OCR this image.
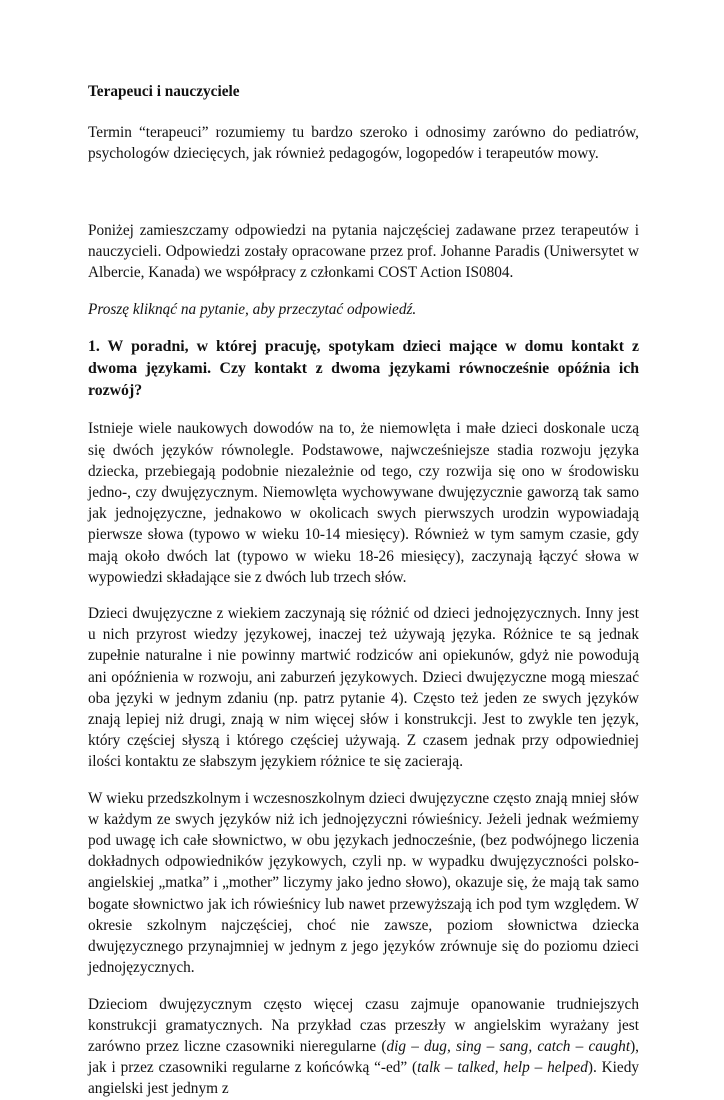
Terapeuci i nauczyciele

Termin “terapeuci” rozumiemy tu bardzo szeroko i odnosimy zarówno do pediatrów, psychologów dziecięcych, jak również pedagogów, logopedów i terapeutów mowy.

Poniżej zamieszczamy odpowiedzi na pytania najczęściej zadawane przez terapeutów i nauczycieli. Odpowiedzi zostały opracowane przez prof. Johanne Paradis (Uniwersytet w Albercie, Kanada) we współpracy z członkami COST Action IS0804.

Proszę kliknąć na pytanie, aby przeczytać odpowiedź.

1. W poradni, w której pracuję, spotykam dzieci mające w domu kontakt z dwoma językami. Czy kontakt z dwoma językami równocześnie opóźnia ich rozwój?

Istnieje wiele naukowych dowodów na to, że niemowlęta i małe dzieci doskonale uczą się dwóch języków równolegle. Podstawowe, najwcześniejsze stadia rozwoju języka dziecka, przebiegają podobnie niezależnie od tego, czy rozwija się ono w środowisku jedno-, czy dwujęzycznym. Niemowlęta wychowywane dwujęzycznie gaworzą tak samo jak jednojęzyczne, jednakowo w okolicach swych pierwszych urodzin wypowiadają pierwsze słowa (typowo w wieku 10-14 miesięcy). Również w tym samym czasie, gdy mają około dwóch lat (typowo w wieku 18-26 miesięcy), zaczynają łączyć słowa w wypowiedzi składające sie z dwóch lub trzech słów.

Dzieci dwujęzyczne z wiekiem zaczynają się różnić od dzieci jednojęzycznych. Inny jest u nich przyrost wiedzy językowej, inaczej też używają języka. Różnice te są jednak zupełnie naturalne i nie powinny martwić rodziców ani opiekunów, gdyż nie powodują ani opóźnienia w rozwoju, ani zaburzeń językowych. Dzieci dwujęzyczne mogą mieszać oba języki w jednym zdaniu (np. patrz pytanie 4). Często też jeden ze swych języków znają lepiej niż drugi, znają w nim więcej słów i konstrukcji. Jest to zwykle ten język, który częściej słyszą i którego częściej używają. Z czasem jednak przy odpowiedniej ilości kontaktu ze słabszym językiem różnice te się zacierają.

W wieku przedszkolnym i wczesnoszkolnym dzieci dwujęzyczne często znają mniej słów w każdym ze swych języków niż ich jednojęzyczni rówieśnicy. Jeżeli jednak weźmiemy pod uwagę ich całe słownictwo, w obu językach jednocześnie, (bez podwójnego liczenia dokładnych odpowiedników językowych, czyli np. w wypadku dwujęzyczności polsko-angielskiej „matka” i „mother” liczymy jako jedno słowo), okazuje się, że mają tak samo bogate słownictwo jak ich rówieśnicy lub nawet przewyższają ich pod tym względem. W okresie szkolnym najczęściej, choć nie zawsze, poziom słownictwa dziecka dwujęzycznego przynajmniej w jednym z jego języków zrównuje się do poziomu dzieci jednojęzycznych.

Dzieciom dwujęzycznym często więcej czasu zajmuje opanowanie trudniejszych konstrukcji gramatycznych. Na przykład czas przeszły w angielskim wyrażany jest zarówno przez liczne czasowniki nieregularne (dig – dug, sing – sang, catch – caught), jak i przez czasowniki regularne z końcówką “-ed” (talk – talked, help – helped). Kiedy angielski jest jednym z
